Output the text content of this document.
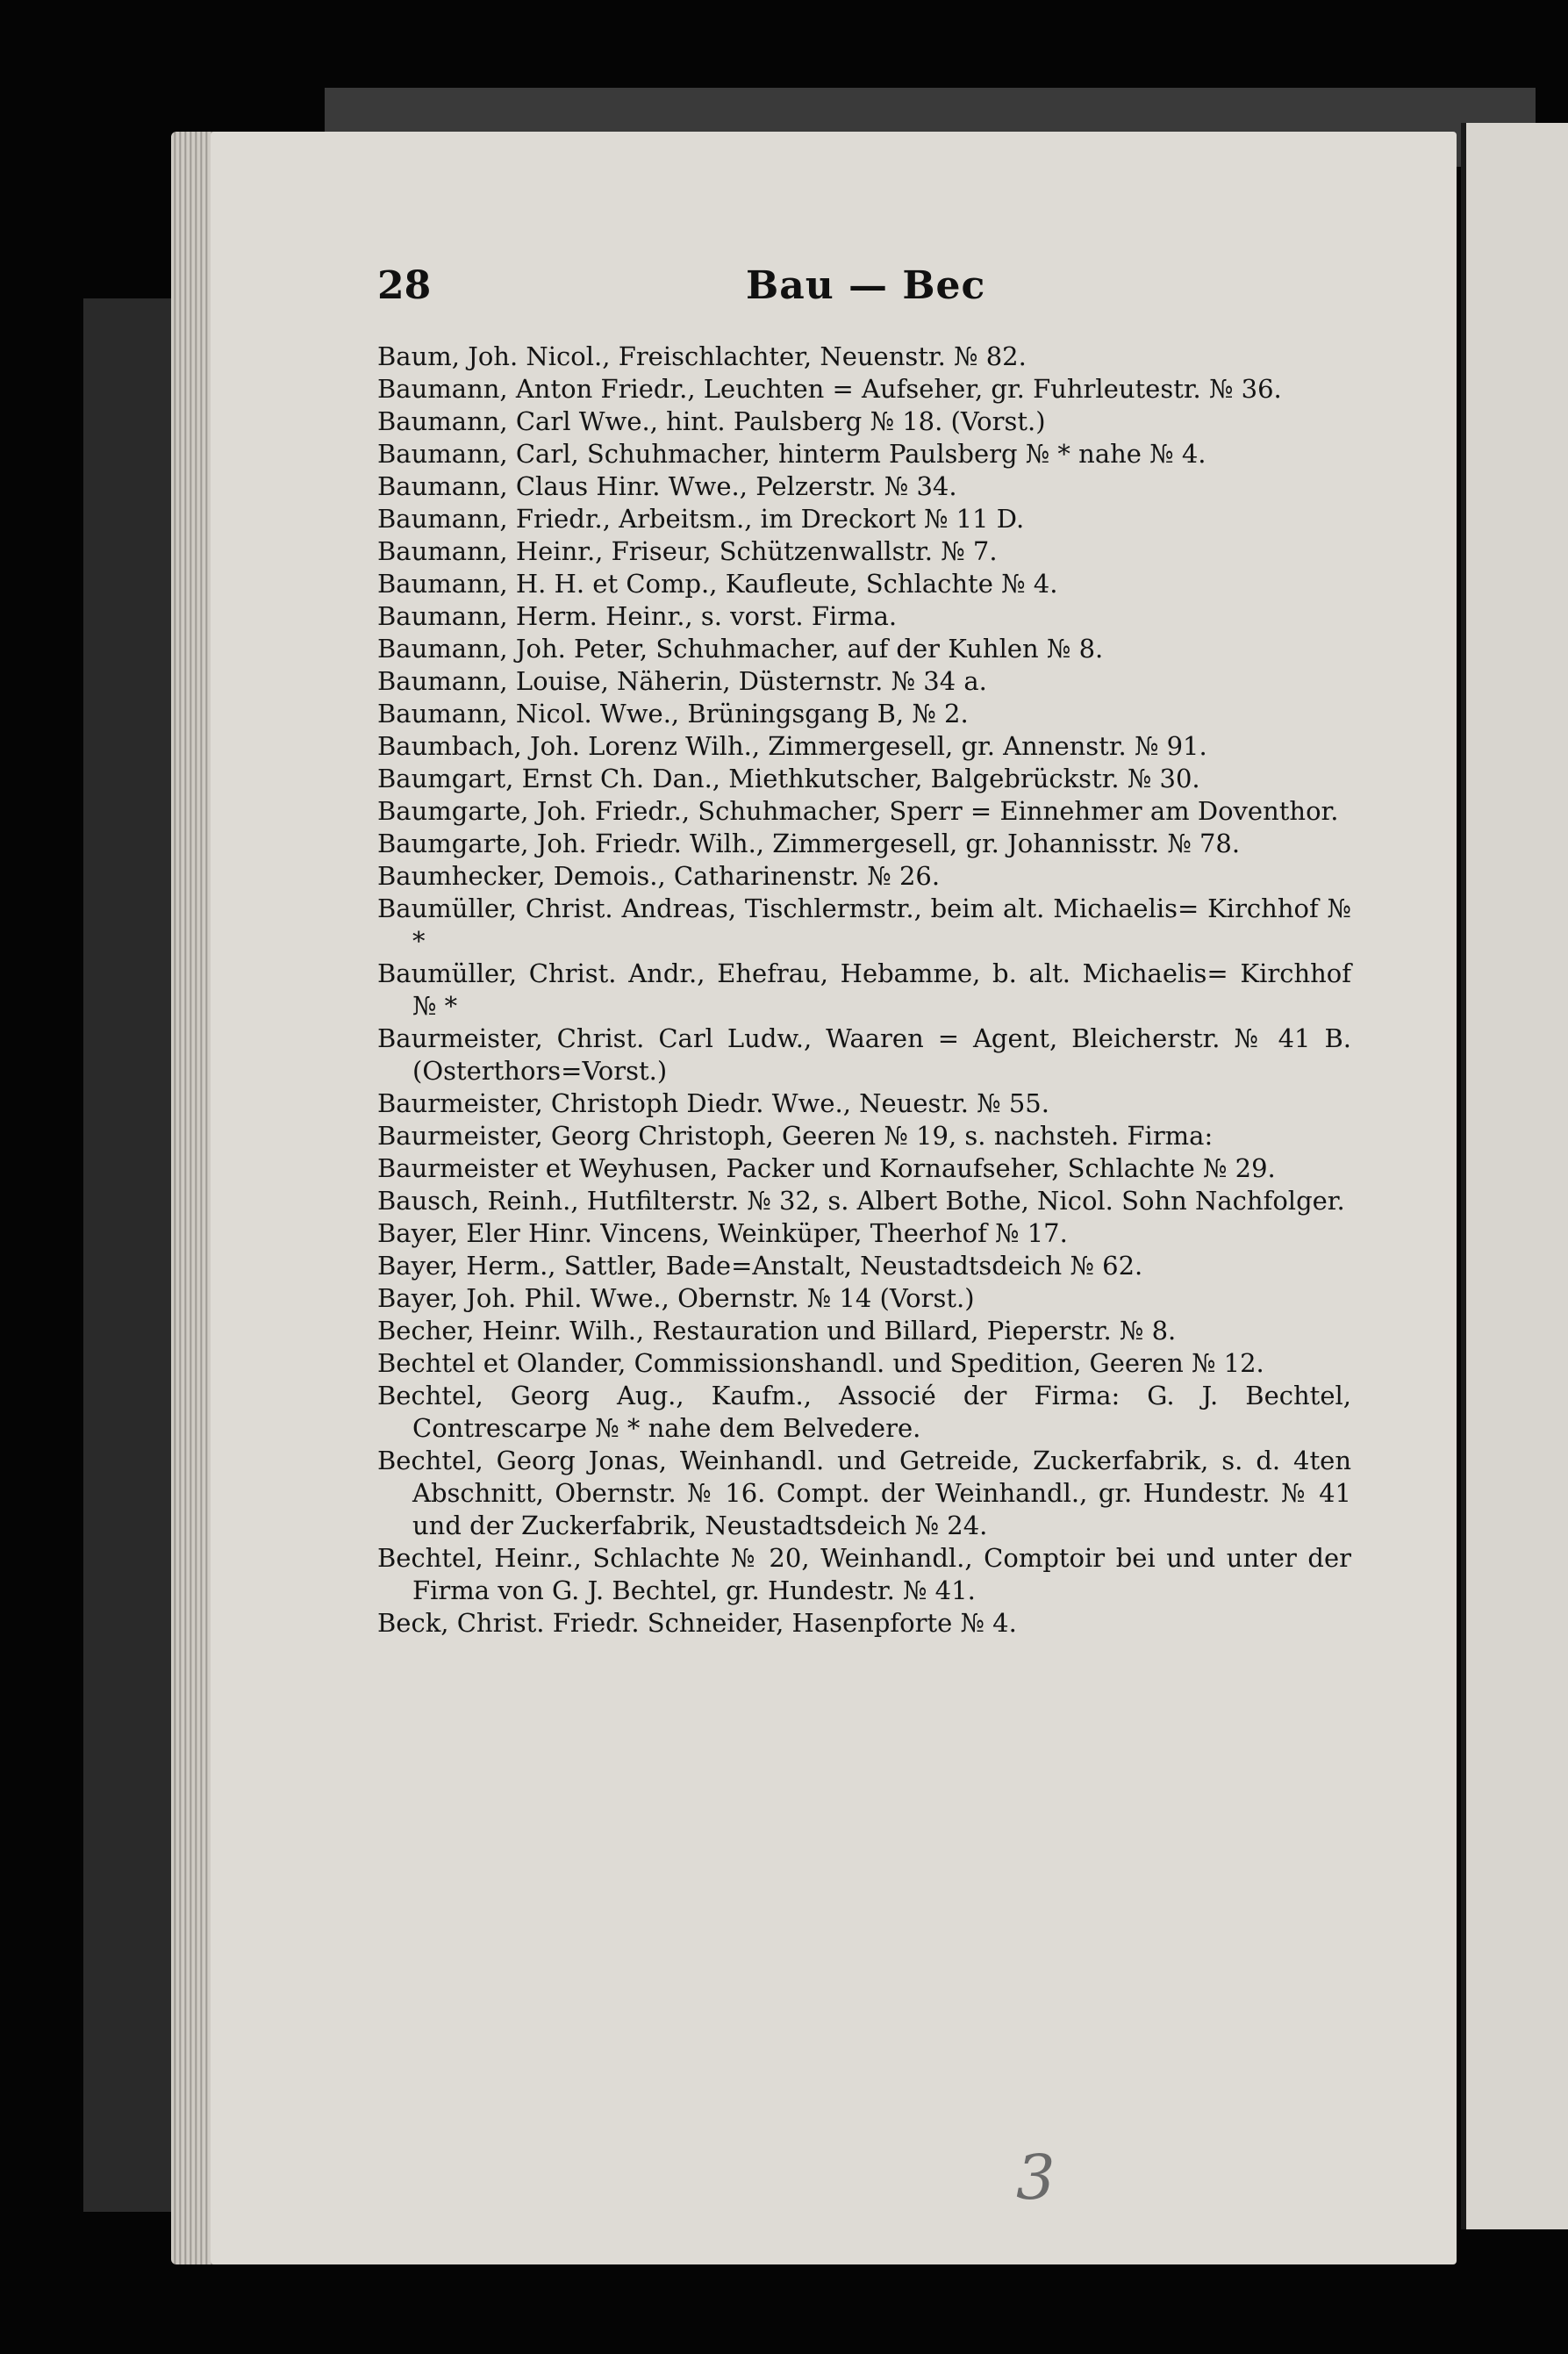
28	Bau — Bec
Baum, Joh. Nicol., Freischlachter, Neuenstr. № 82.
Baumann, Anton Friedr., Leuchten = Aufseher, gr. Fuhrleutestr. № 36.
Baumann, Carl Wwe., hint. Paulsberg № 18. (Vorst.)
Baumann, Carl, Schuhmacher, hinterm Paulsberg № * nahe № 4.
Baumann, Claus Hinr. Wwe., Pelzerstr. № 34.
Baumann, Friedr., Arbeitsm., im Dreckort № 11 D.
Baumann, Heinr., Friseur, Schützenwallstr. № 7.
Baumann, H. H. et Comp., Kaufleute, Schlachte № 4.
Baumann, Herm. Heinr., s. vorst. Firma.
Baumann, Joh. Peter, Schuhmacher, auf der Kuhlen № 8.
Baumann, Louise, Näherin, Düsternstr. № 34 a.
Baumann, Nicol. Wwe., Brüningsgang B, № 2.
Baumbach, Joh. Lorenz Wilh., Zimmergesell, gr. Annenstr. № 91.
Baumgart, Ernst Ch. Dan., Miethkutscher, Balgebrückstr. № 30.
Baumgarte, Joh. Friedr., Schuhmacher, Sperr = Einnehmer am Doventhor.
Baumgarte, Joh. Friedr. Wilh., Zimmergesell, gr. Johannisstr. № 78.
Baumhecker, Demois., Catharinenstr. № 26.
Baumüller, Christ. Andreas, Tischlermstr., beim alt. Michaelis= Kirchhof № *
Baumüller, Christ. Andr., Ehefrau, Hebamme, b. alt. Michaelis= Kirchhof № *
Baurmeister, Christ. Carl Ludw., Waaren = Agent, Bleicherstr. № 41 B. (Osterthors=Vorst.)
Baurmeister, Christoph Diedr. Wwe., Neuestr. № 55.
Baurmeister, Georg Christoph, Geeren № 19, s. nachsteh. Firma:
Baurmeister et Weyhusen, Packer und Kornaufseher, Schlachte № 29.
Bausch, Reinh., Hutfilterstr. № 32, s. Albert Bothe, Nicol. Sohn Nachfolger.
Bayer, Eler Hinr. Vincens, Weinküper, Theerhof № 17.
Bayer, Herm., Sattler, Bade=Anstalt, Neustadtsdeich № 62.
Bayer, Joh. Phil. Wwe., Obernstr. № 14 (Vorst.)
Becher, Heinr. Wilh., Restauration und Billard, Pieperstr. № 8.
Bechtel et Olander, Commissionshandl. und Spedition, Geeren № 12.
Bechtel, Georg Aug., Kaufm., Associé der Firma: G. J. Bechtel, Contrescarpe № * nahe dem Belvedere.
Bechtel, Georg Jonas, Weinhandl. und Getreide, Zuckerfabrik, s. d. 4ten Abschnitt, Obernstr. № 16. Compt. der Weinhandl., gr. Hundestr. № 41 und der Zuckerfabrik, Neustadtsdeich № 24.
Bechtel, Heinr., Schlachte № 20, Weinhandl., Comptoir bei und unter der Firma von G. J. Bechtel, gr. Hundestr. № 41.
Beck, Christ. Friedr. Schneider, Hasenpforte № 4.
3
